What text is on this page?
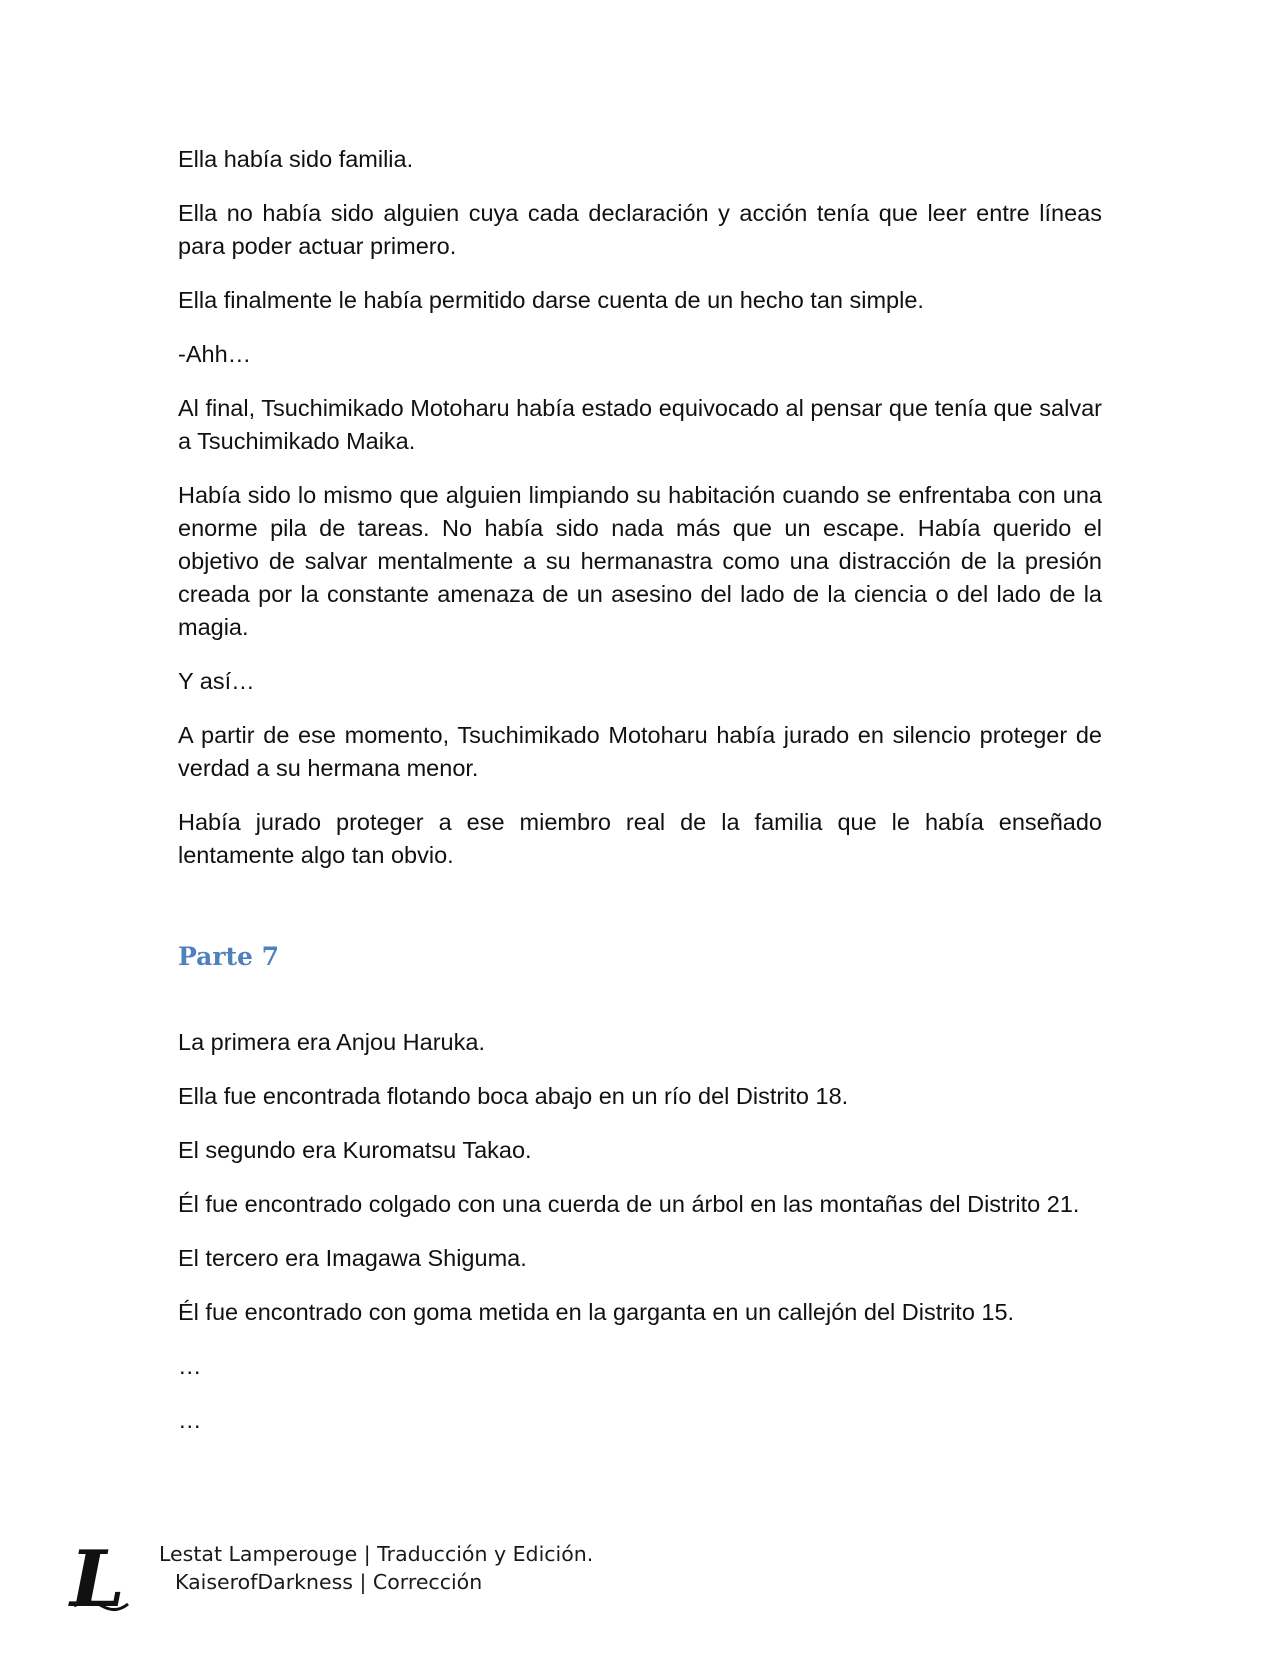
Ella había sido familia.

Ella no había sido alguien cuya cada declaración y acción tenía que leer entre líneas para poder actuar primero.

Ella finalmente le había permitido darse cuenta de un hecho tan simple.

-Ahh…

Al final, Tsuchimikado Motoharu había estado equivocado al pensar que tenía que salvar a Tsuchimikado Maika.

Había sido lo mismo que alguien limpiando su habitación cuando se enfrentaba con una enorme pila de tareas. No había sido nada más que un escape. Había querido el objetivo de salvar mentalmente a su hermanastra como una distracción de la presión creada por la constante amenaza de un asesino del lado de la ciencia o del lado de la magia.

Y así…

A partir de ese momento, Tsuchimikado Motoharu había jurado en silencio proteger de verdad a su hermana menor.

Había jurado proteger a ese miembro real de la familia que le había enseñado lentamente algo tan obvio.

Parte 7

La primera era Anjou Haruka.

Ella fue encontrada flotando boca abajo en un río del Distrito 18.

El segundo era Kuromatsu Takao.

Él fue encontrado colgado con una cuerda de un árbol en las montañas del Distrito 21.

El tercero era Imagawa Shiguma.

Él fue encontrado con goma metida en la garganta en un callejón del Distrito 15.

…

…

L Lestat Lamperouge | Traducción y Edición.
KaiserofDarkness | Corrección
